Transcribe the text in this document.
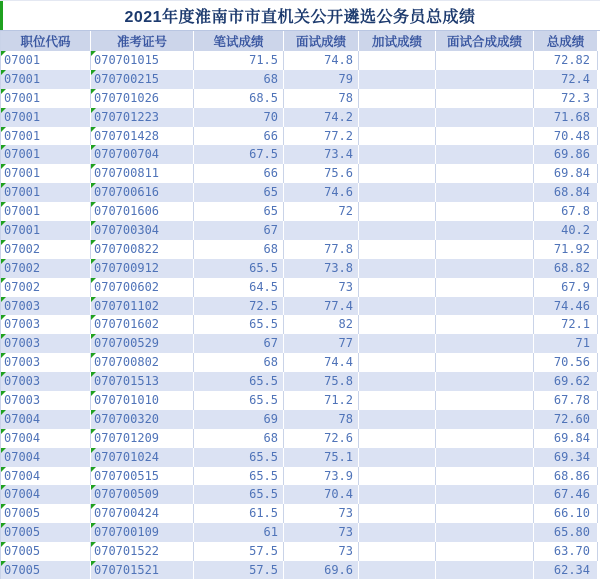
2021年度淮南市市直机关公开遴选公务员总成绩
职位代码	准考证号	笔试成绩	面试成绩	加试成绩	面试合成成绩	总成绩

07001	070701015	71.5	74.8			72.82

07001	070700215	68	79			72.4

07001	070701026	68.5	78			72.3

07001	070701223	70	74.2			71.68

07001	070701428	66	77.2			70.48

07001	070700704	67.5	73.4			69.86

07001	070700811	66	75.6			69.84

07001	070700616	65	74.6			68.84

07001	070701606	65	72			67.8

07001	070700304	67				40.2

07002	070700822	68	77.8			71.92

07002	070700912	65.5	73.8			68.82

07002	070700602	64.5	73			67.9

07003	070701102	72.5	77.4			74.46

07003	070701602	65.5	82			72.1

07003	070700529	67	77			71

07003	070700802	68	74.4			70.56

07003	070701513	65.5	75.8			69.62

07003	070701010	65.5	71.2			67.78

07004	070700320	69	78			72.60

07004	070701209	68	72.6			69.84

07004	070701024	65.5	75.1			69.34

07004	070700515	65.5	73.9			68.86

07004	070700509	65.5	70.4			67.46

07005	070700424	61.5	73			66.10

07005	070700109	61	73			65.80

07005	070701522	57.5	73			63.70

07005	070701521	57.5	69.6			62.34
